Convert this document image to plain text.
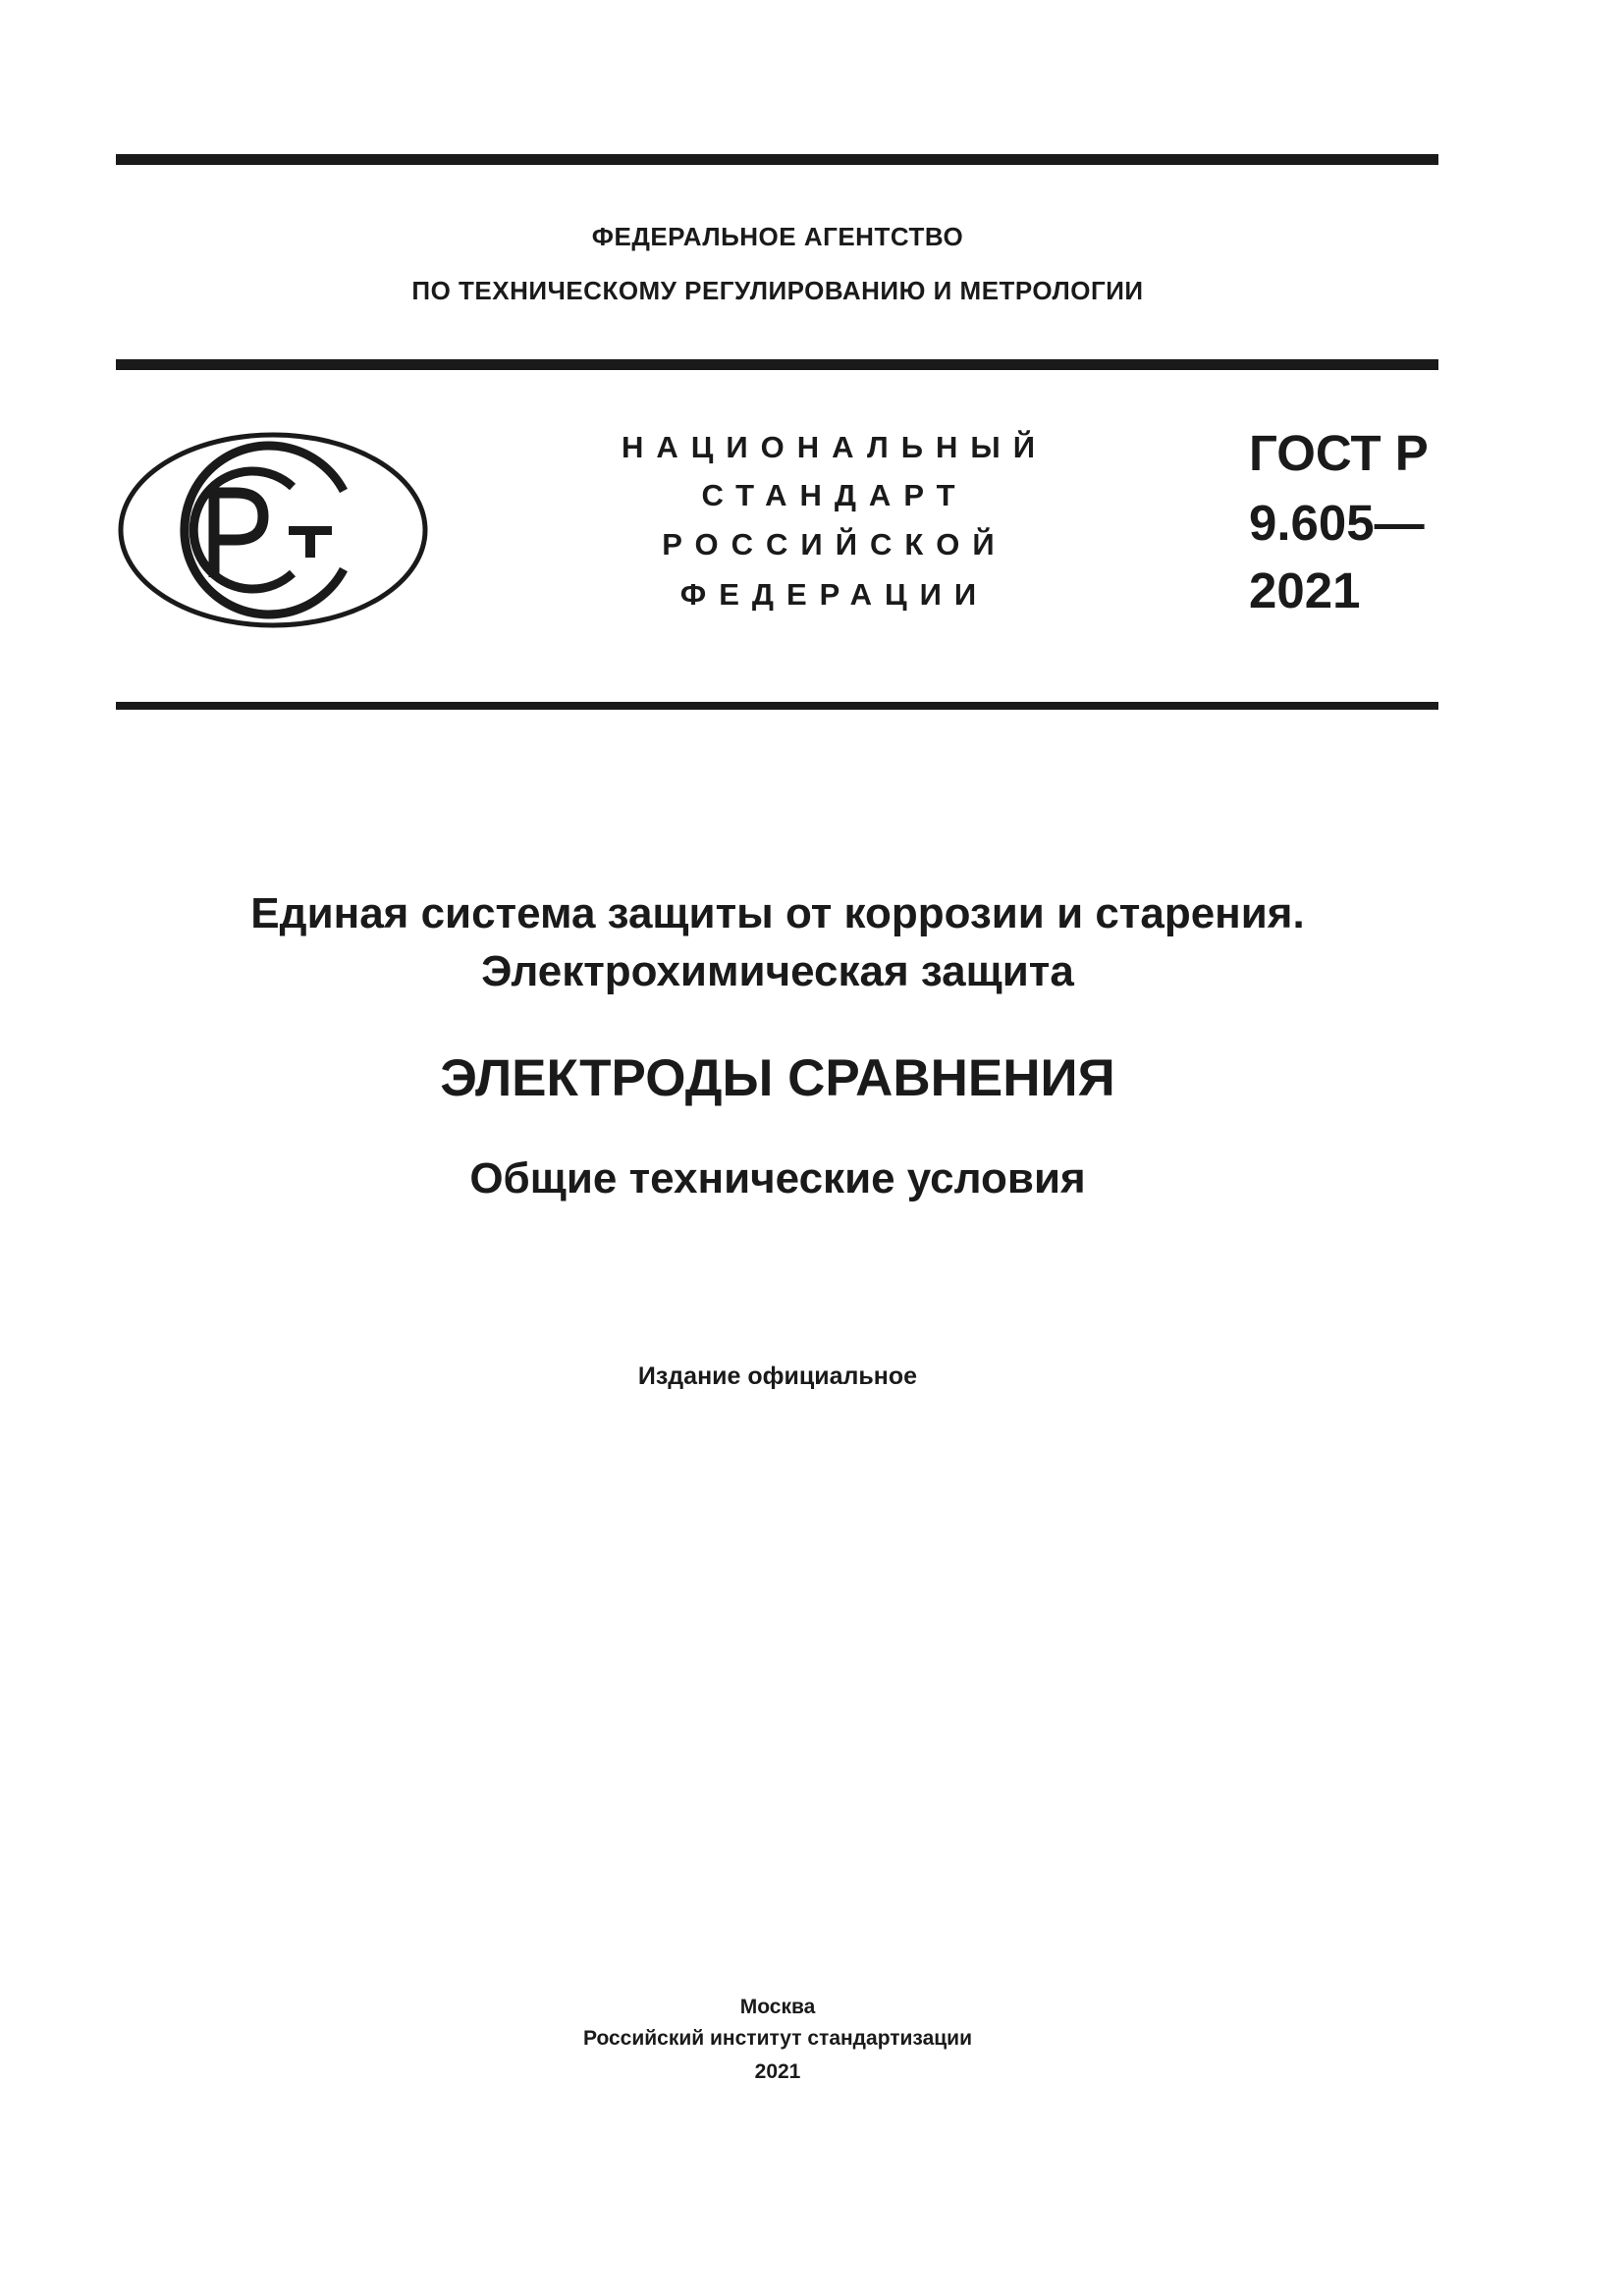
ФЕДЕРАЛЬНОЕ АГЕНТСТВО
ПО ТЕХНИЧЕСКОМУ РЕГУЛИРОВАНИЮ И МЕТРОЛОГИИ
НАЦИОНАЛЬНЫЙ
СТАНДАРТ
РОССИЙСКОЙ
ФЕДЕРАЦИИ
ГОСТ Р
9.605—
2021
Единая система защиты от коррозии и старения.
Электрохимическая защита
ЭЛЕКТРОДЫ СРАВНЕНИЯ
Общие технические условия
Издание официальное
Москва
Российский институт стандартизации
2021
